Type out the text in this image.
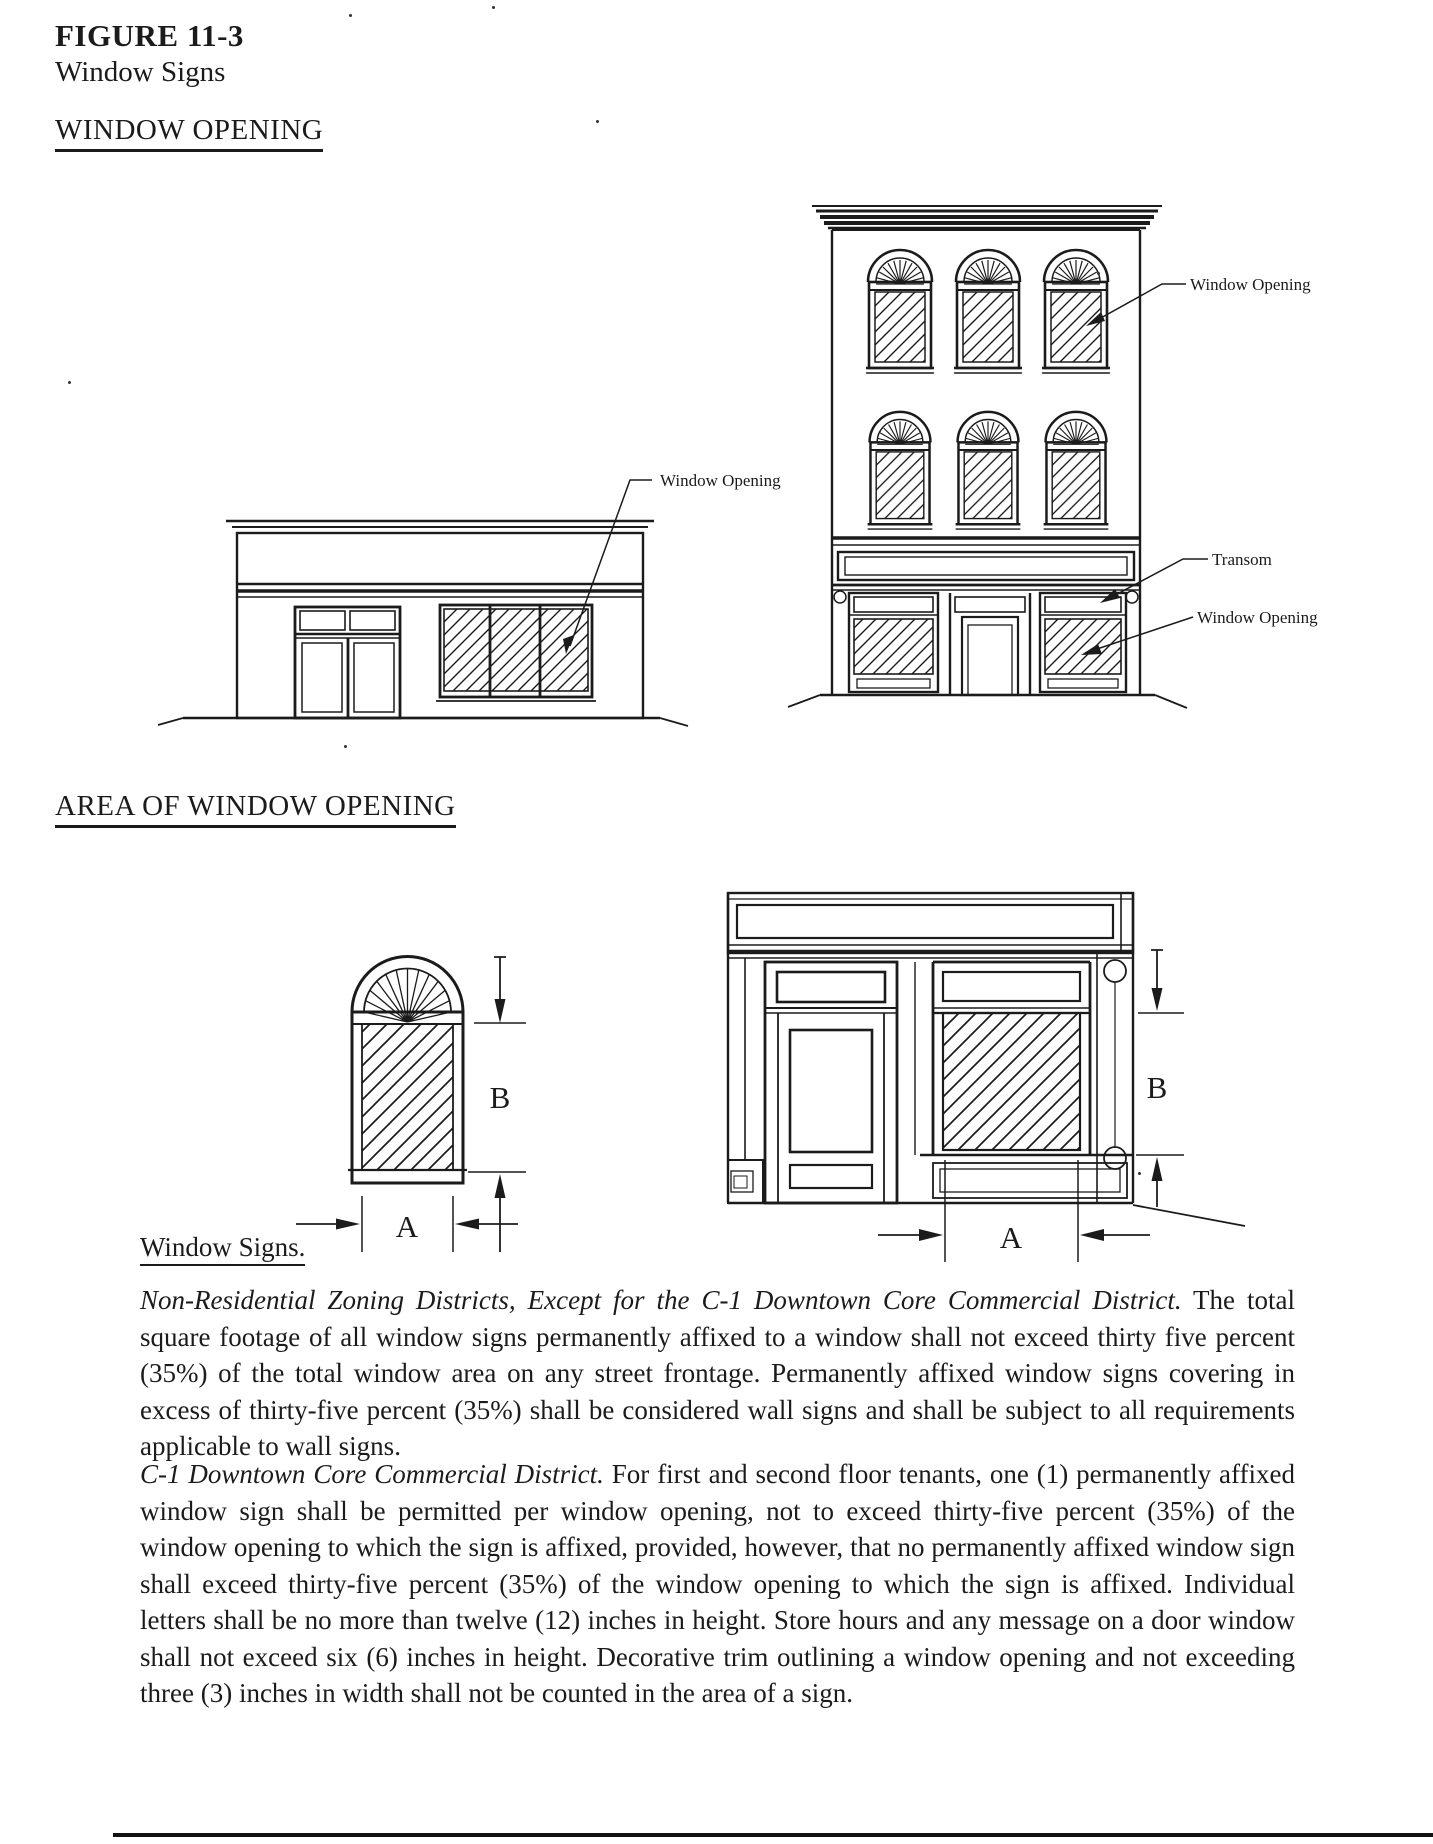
FIGURE 11-3
Window Signs
WINDOW OPENING
Window Opening
Window Opening
Transom
Window Opening
AREA OF WINDOW OPENING
A
B
A
B
Window Signs.

Non-Residential Zoning Districts, Except for the C-1 Downtown Core Commercial District. The total square footage of all window signs permanently affixed to a window shall not exceed thirty five percent (35%) of the total window area on any street frontage. Permanently affixed window signs covering in excess of thirty-five percent (35%) shall be considered wall signs and shall be subject to all requirements applicable to wall signs.

C-1 Downtown Core Commercial District. For first and second floor tenants, one (1) permanently affixed window sign shall be permitted per window opening, not to exceed thirty-five percent (35%) of the window opening to which the sign is affixed, provided, however, that no permanently affixed window sign shall exceed thirty-five percent (35%) of the window opening to which the sign is affixed. Individual letters shall be no more than twelve (12) inches in height. Store hours and any message on a door window shall not exceed six (6) inches in height. Decorative trim outlining a window opening and not exceeding three (3) inches in width shall not be counted in the area of a sign.
